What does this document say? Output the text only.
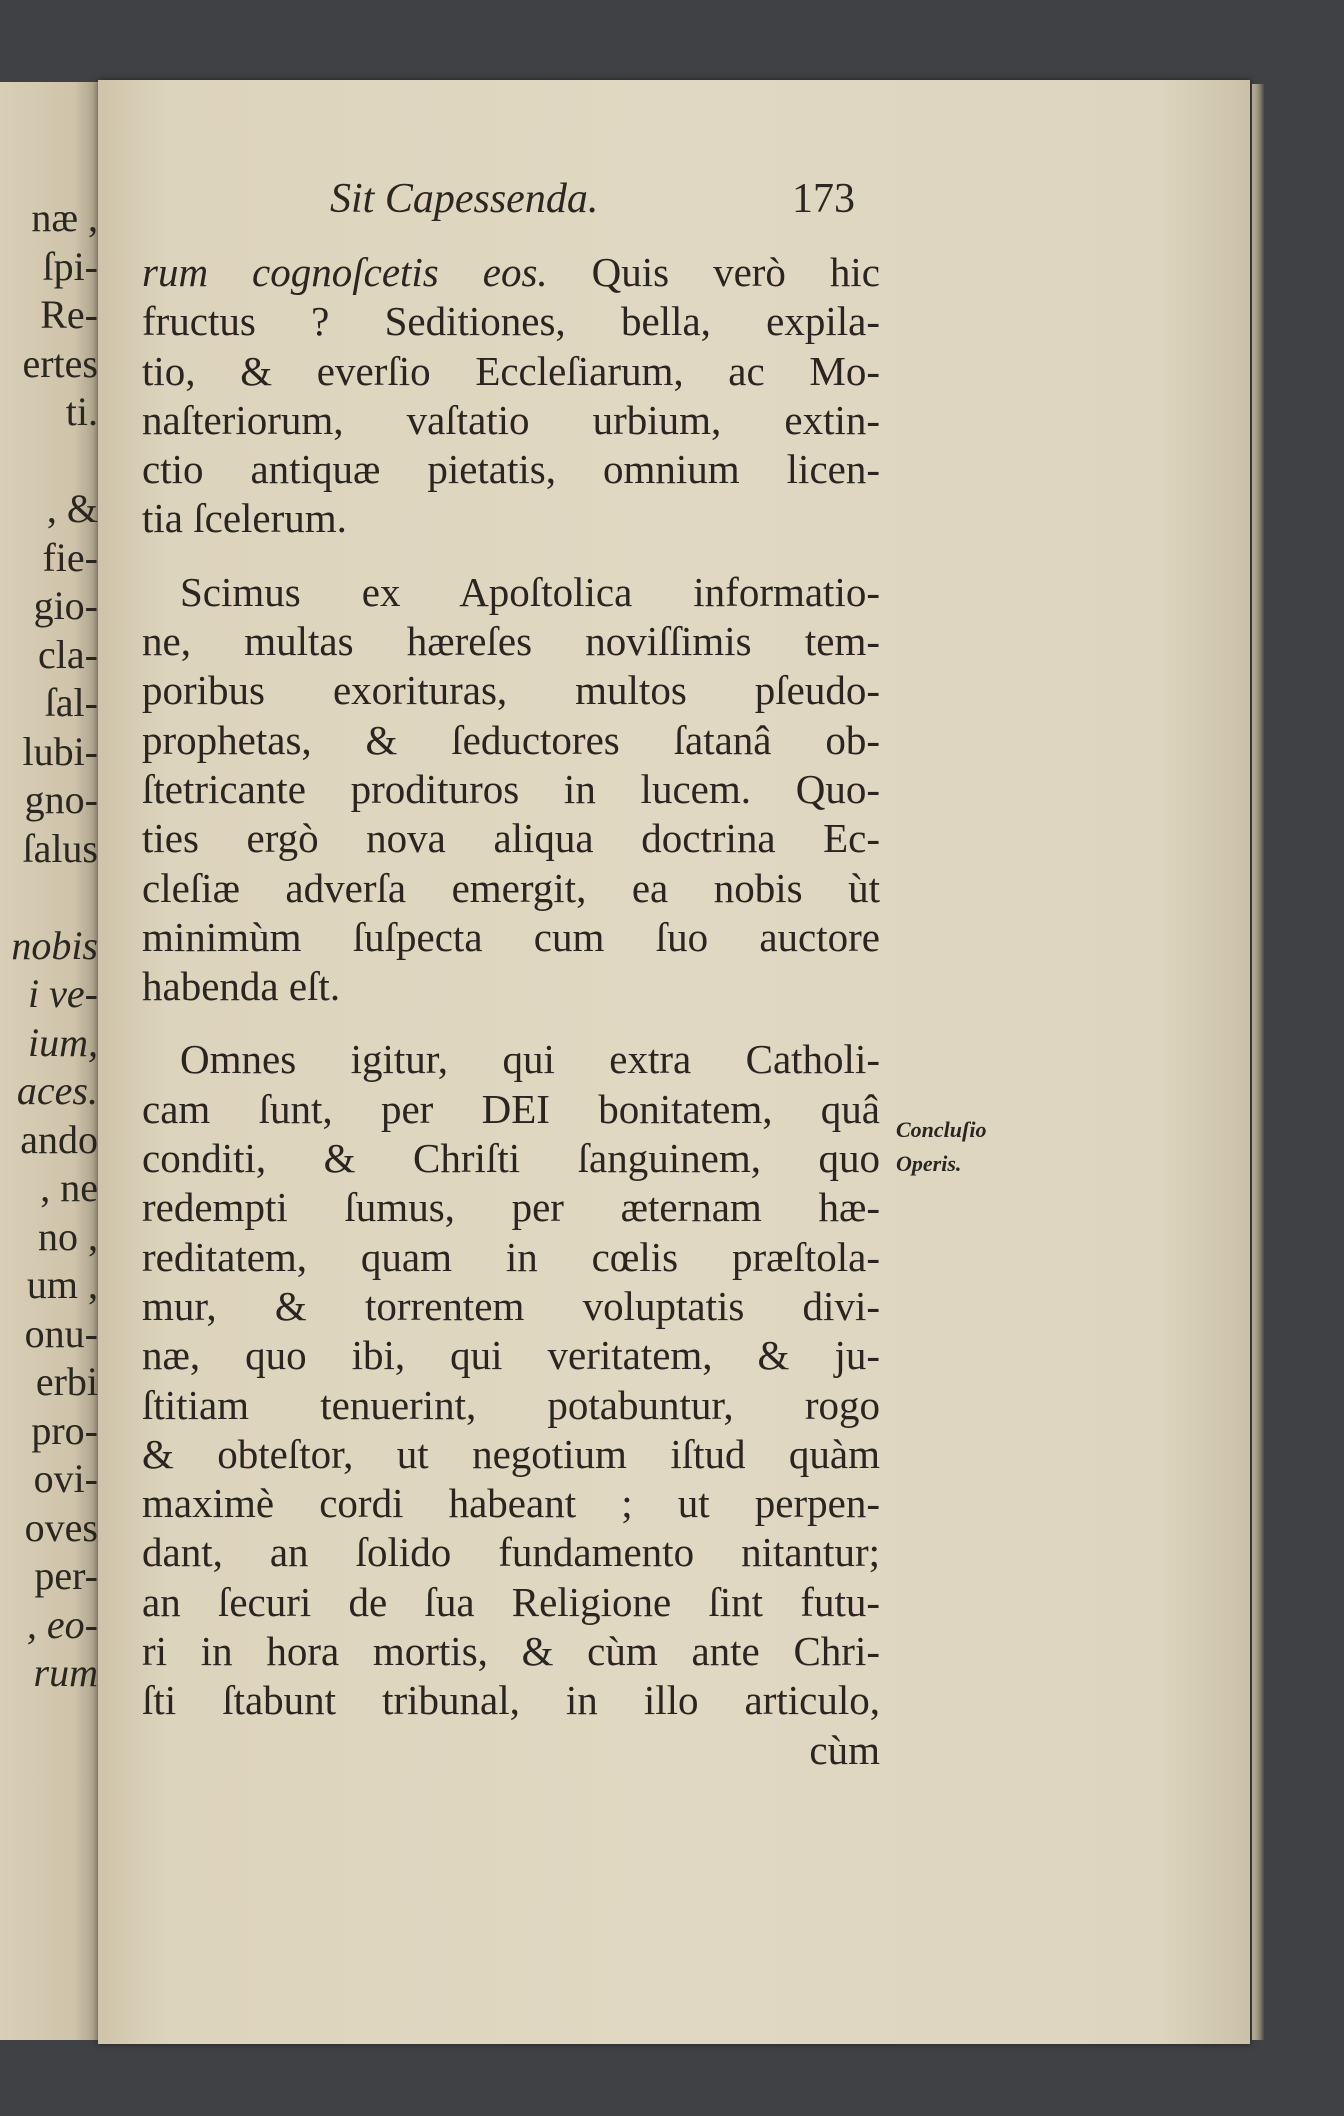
næ ,
ſpi-
Re-
ertes
ti.
, &
fie-
gio-
cla-
ſal-
lubi-
gno-
ſalus
nobis
i ve-
ium,
aces.
ando
, ne
no ,
um ,
onu-
erbi
pro-
ovi-
oves
per-
, eo-
rum
Sit Capessenda.	173
rum cognoſcetis eos. Quis verò hic
fructus ? Seditiones, bella, expila-
tio, & everſio Eccleſiarum, ac Mo-
naſteriorum, vaſtatio urbium, extin-
ctio antiquæ pietatis, omnium licen-
tia ſcelerum.
Scimus ex Apoſtolica informatio-
ne, multas hæreſes noviſſimis tem-
poribus exorituras, multos pſeudo-
prophetas, & ſeductores ſatanâ ob-
ſtetricante prodituros in lucem. Quo-
ties ergò nova aliqua doctrina Ec-
cleſiæ adverſa emergit, ea nobis ùt
minimùm ſuſpecta cum ſuo auctore
habenda eſt.
Omnes igitur, qui extra Catholi-
cam ſunt, per DEI bonitatem, quâ
conditi, & Chriſti ſanguinem, quo
redempti ſumus, per æternam hæ-
reditatem, quam in cœlis præſtola-
mur, & torrentem voluptatis divi-
næ, quo ibi, qui veritatem, & ju-
ſtitiam tenuerint, potabuntur, rogo
& obteſtor, ut negotium iſtud quàm
maximè cordi habeant ; ut perpen-
dant, an ſolido fundamento nitantur;
an ſecuri de ſua Religione ſint futu-
ri in hora mortis, & cùm ante Chri-
ſti ſtabunt tribunal, in illo articulo,
cùm
Concluſio
Operis.
